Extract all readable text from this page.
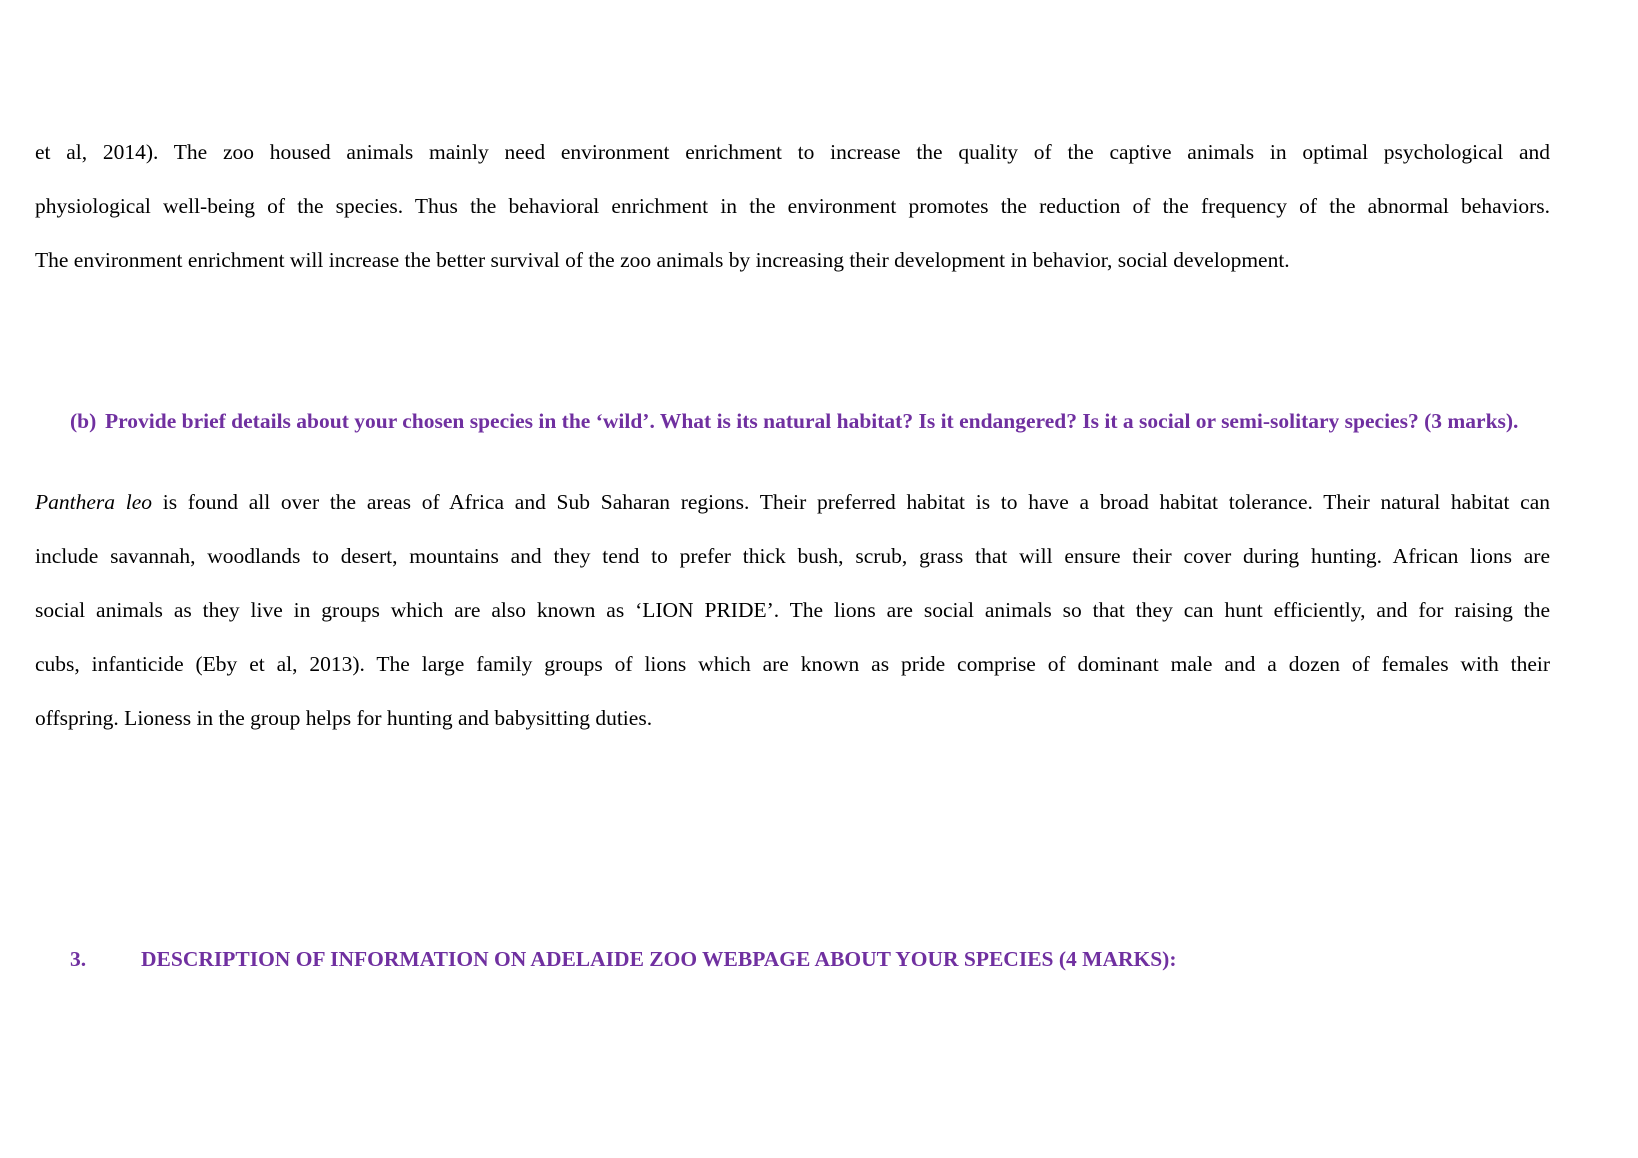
et al, 2014). The zoo housed animals mainly need environment enrichment to increase the quality of the captive animals in optimal psychological and
physiological well-being of the species. Thus the behavioral enrichment in the environment promotes the reduction of the frequency of the abnormal behaviors.
The environment enrichment will increase the better survival of the zoo animals by increasing their development in behavior, social development.

(b) Provide brief details about your chosen species in the ‘wild’. What is its natural habitat? Is it endangered? Is it a social or semi-solitary species? (3 marks).

Panthera leo is found all over the areas of Africa and Sub Saharan regions. Their preferred habitat is to have a broad habitat tolerance. Their natural habitat can
include savannah, woodlands to desert, mountains and they tend to prefer thick bush, scrub, grass that will ensure their cover during hunting. African lions are
social animals as they live in groups which are also known as ‘LION PRIDE’. The lions are social animals so that they can hunt efficiently, and for raising the
cubs, infanticide (Eby et al, 2013). The large family groups of lions which are known as pride comprise of dominant male and a dozen of females with their
offspring. Lioness in the group helps for hunting and babysitting duties.

3.	DESCRIPTION OF INFORMATION ON ADELAIDE ZOO WEBPAGE ABOUT YOUR SPECIES (4 MARKS):
